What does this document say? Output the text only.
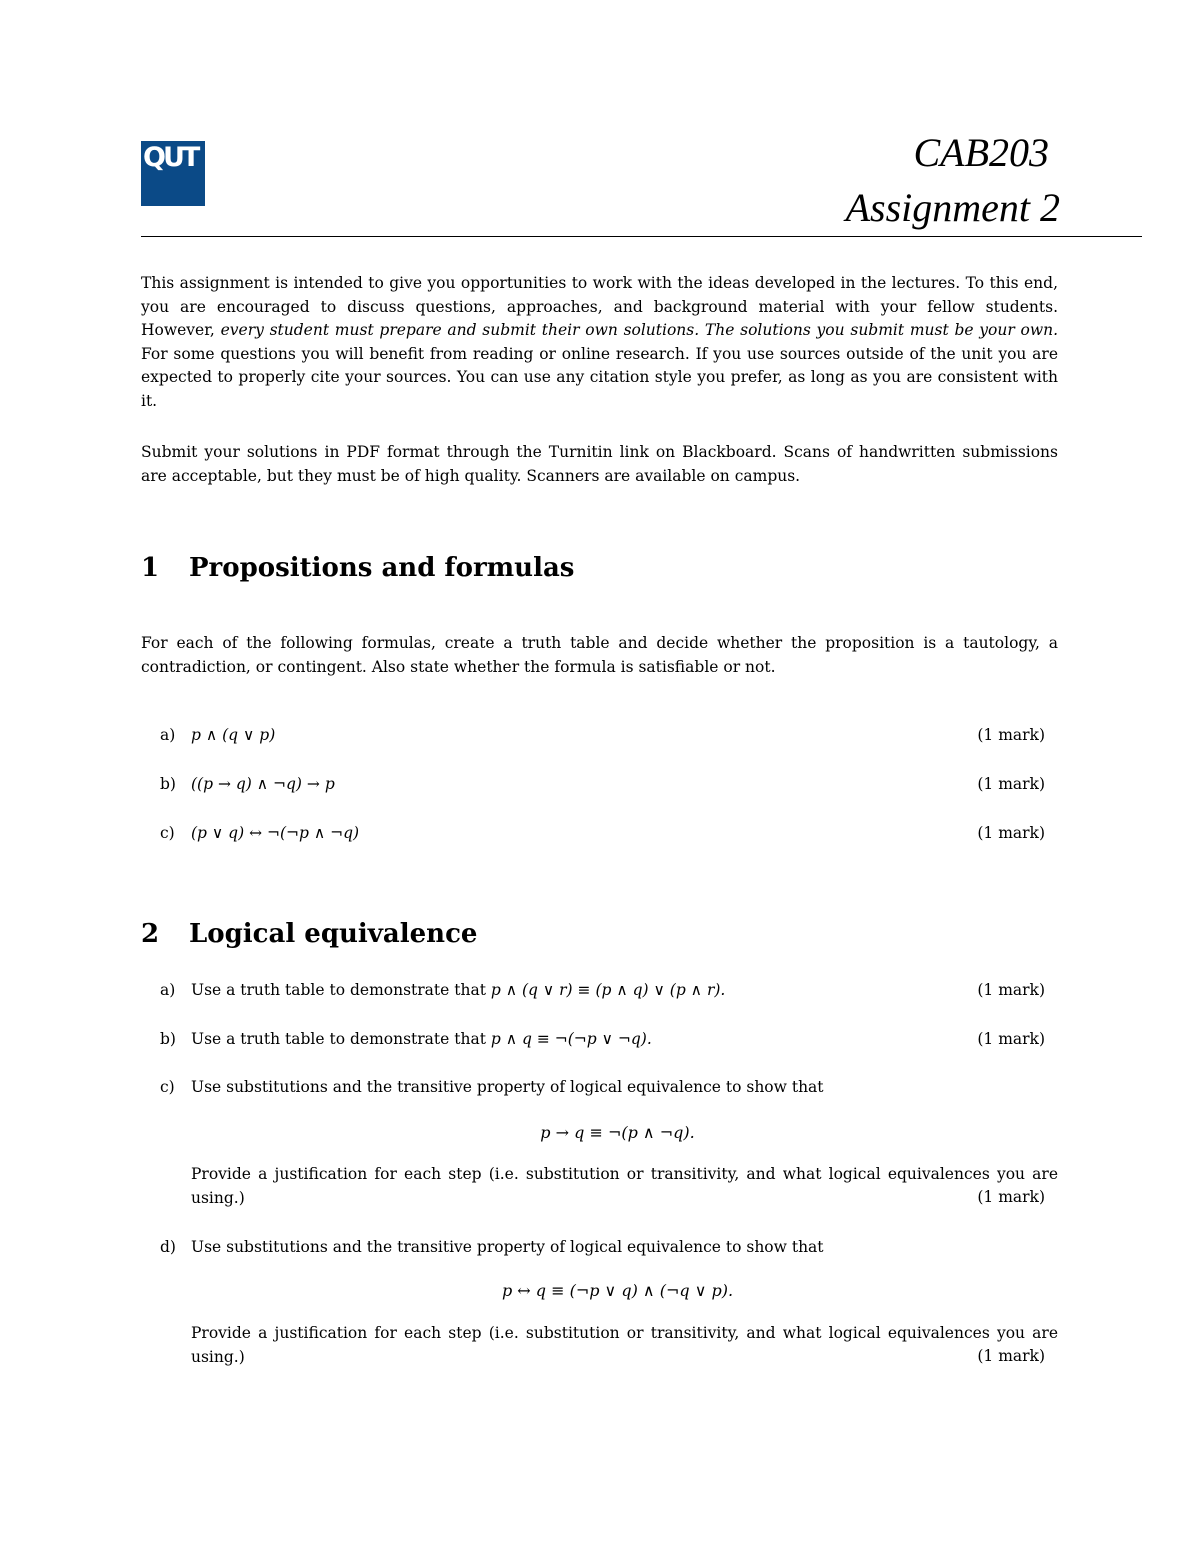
QUT	CAB203
Assignment 2

This assignment is intended to give you opportunities to work with the ideas developed in the lectures. To this end, you are encouraged to discuss questions, approaches, and background material with your fellow students. However, every student must prepare and submit their own solutions. The solutions you submit must be your own. For some questions you will benefit from reading or online research. If you use sources outside of the unit you are expected to properly cite your sources. You can use any citation style you prefer, as long as you are consistent with it.

Submit your solutions in PDF format through the Turnitin link on Blackboard. Scans of handwritten submissions are acceptable, but they must be of high quality. Scanners are available on campus.

1 Propositions and formulas

For each of the following formulas, create a truth table and decide whether the proposition is a tautology, a contradiction, or contingent. Also state whether the formula is satisfiable or not.

a) p ∧ (q ∨ p)	(1 mark)
b) ((p → q) ∧ ¬q) → p	(1 mark)
c) (p ∨ q) ↔ ¬(¬p ∧ ¬q)	(1 mark)
2 Logical equivalence
a) Use a truth table to demonstrate that p ∧ (q ∨ r) ≡ (p ∧ q) ∨ (p ∧ r).	(1 mark)
b) Use a truth table to demonstrate that p ∧ q ≡ ¬(¬p ∨ ¬q).	(1 mark)
c) Use substitutions and the transitive property of logical equivalence to show that
p → q ≡ ¬(p ∧ ¬q).

Provide a justification for each step (i.e. substitution or transitivity, and what logical equivalences you are using.)	(1 mark)
d) Use substitutions and the transitive property of logical equivalence to show that
p ↔ q ≡ (¬p ∨ q) ∧ (¬q ∨ p).

Provide a justification for each step (i.e. substitution or transitivity, and what logical equivalences you are using.)	(1 mark)
